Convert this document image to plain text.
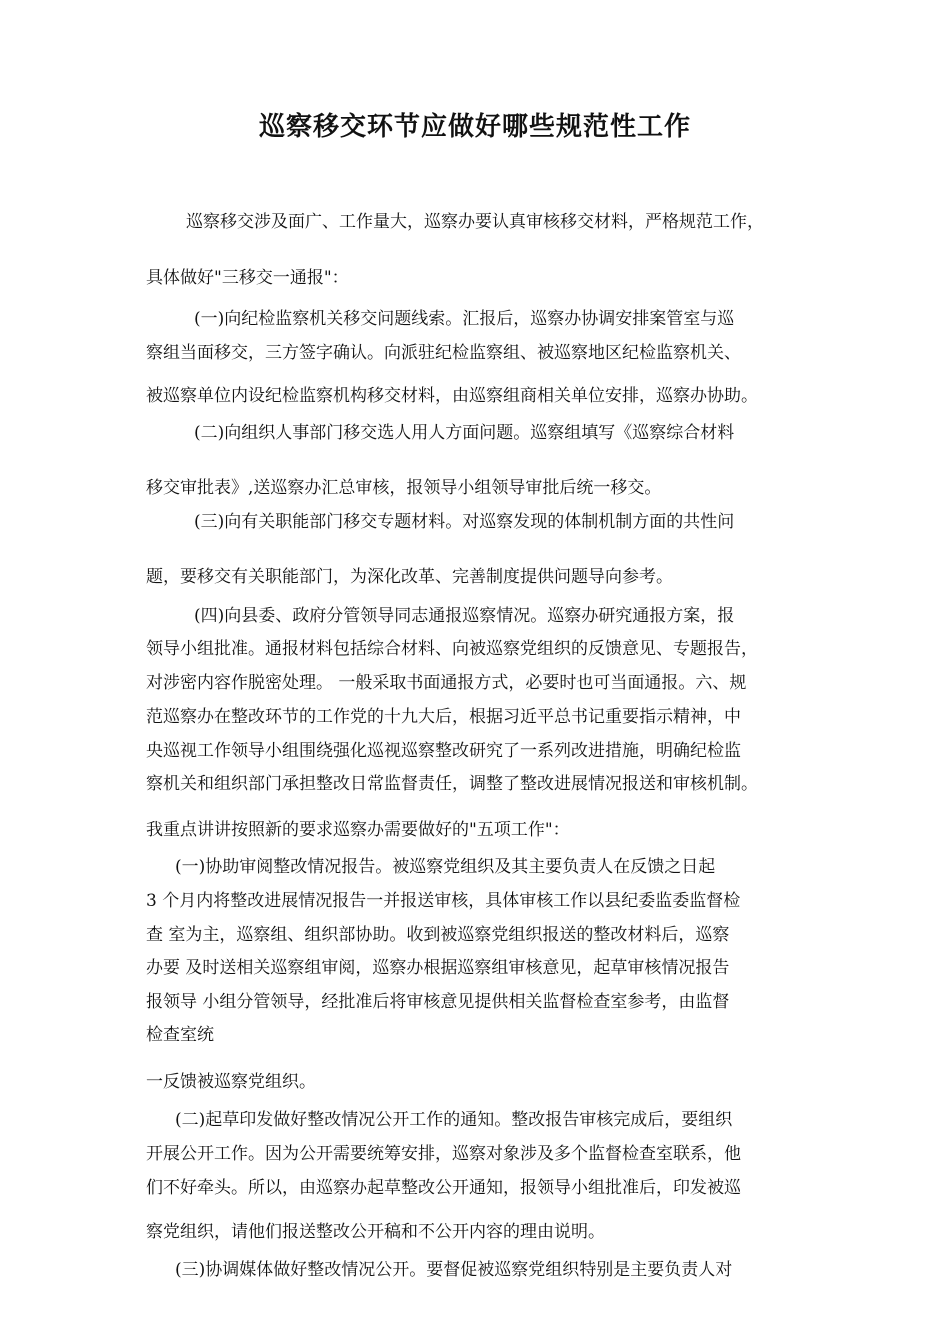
巡察移交环节应做好哪些规范性工作

巡察移交涉及面广、工作量大，巡察办要认真审核移交材料，严格规范工作，

具体做好"三移交一通报"：

(一)向纪检监察机关移交问题线索。汇报后，巡察办协调安排案管室与巡

察组当面移交，三方签字确认。向派驻纪检监察组、被巡察地区纪检监察机关、

被巡察单位内设纪检监察机构移交材料，由巡察组商相关单位安排，巡察办协助。

(二)向组织人事部门移交选人用人方面问题。巡察组填写《巡察综合材料

移交审批表》,送巡察办汇总审核，报领导小组领导审批后统一移交。

(三)向有关职能部门移交专题材料。对巡察发现的体制机制方面的共性问

题，要移交有关职能部门，为深化改革、完善制度提供问题导向参考。

(四)向县委、政府分管领导同志通报巡察情况。巡察办研究通报方案，报

领导小组批准。通报材料包括综合材料、向被巡察党组织的反馈意见、专题报告，

对涉密内容作脱密处理。 一般采取书面通报方式，必要时也可当面通报。六、规

范巡察办在整改环节的工作党的十九大后，根据习近平总书记重要指示精神，中

央巡视工作领导小组围绕强化巡视巡察整改研究了一系列改进措施，明确纪检监

察机关和组织部门承担整改日常监督责任，调整了整改进展情况报送和审核机制。

我重点讲讲按照新的要求巡察办需要做好的"五项工作"：

(一)协助审阅整改情况报告。被巡察党组织及其主要负责人在反馈之日起

3 个月内将整改进展情况报告一并报送审核，具体审核工作以县纪委监委监督检

查 室为主，巡察组、组织部协助。收到被巡察党组织报送的整改材料后，巡察

办要 及时送相关巡察组审阅，巡察办根据巡察组审核意见，起草审核情况报告

报领导 小组分管领导，经批准后将审核意见提供相关监督检查室参考，由监督

检查室统

一反馈被巡察党组织。

(二)起草印发做好整改情况公开工作的通知。整改报告审核完成后，要组织

开展公开工作。因为公开需要统筹安排，巡察对象涉及多个监督检查室联系，他

们不好牵头。所以，由巡察办起草整改公开通知，报领导小组批准后，印发被巡

察党组织，请他们报送整改公开稿和不公开内容的理由说明。

(三)协调媒体做好整改情况公开。要督促被巡察党组织特别是主要负责人对
